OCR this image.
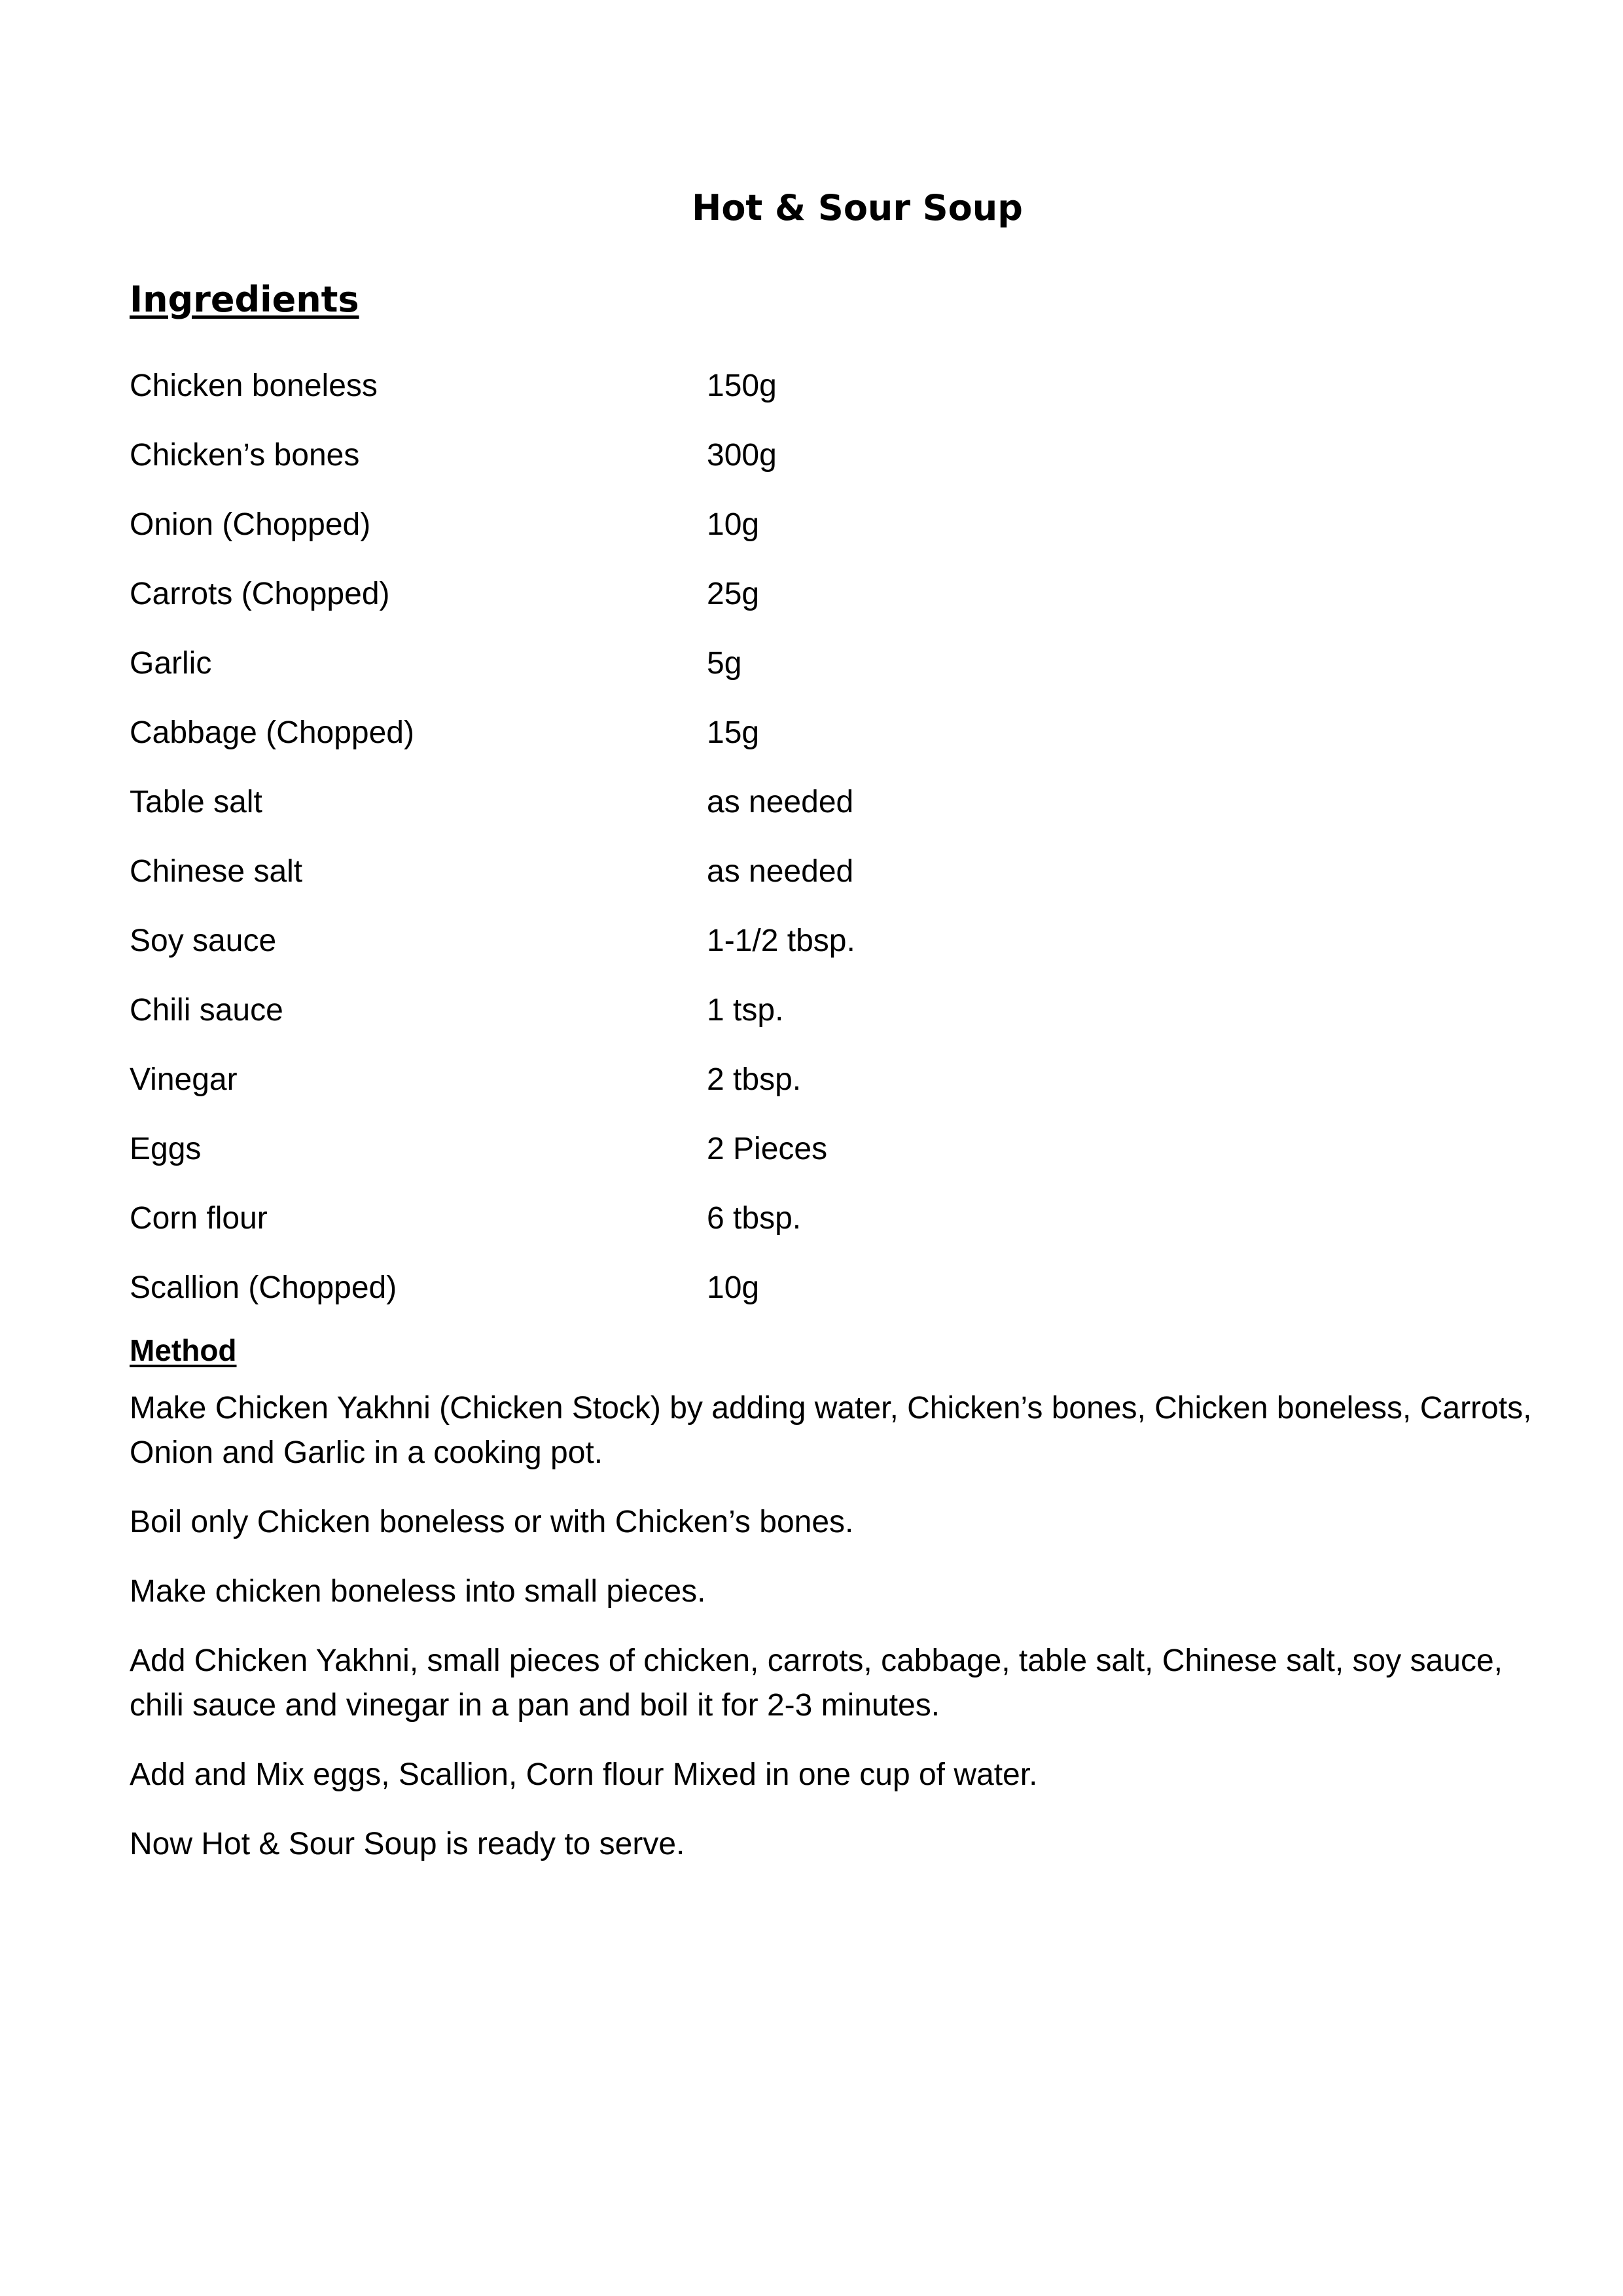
Hot & Sour Soup
Ingredients
Chicken boneless	150g
Chicken’s bones	300g
Onion (Chopped)	10g
Carrots (Chopped)	25g
Garlic	5g
Cabbage (Chopped)	15g
Table salt	as needed
Chinese salt	as needed
Soy sauce	1-1/2 tbsp.
Chili sauce	1 tsp.
Vinegar	2 tbsp.
Eggs	2 Pieces
Corn flour	6 tbsp.
Scallion (Chopped)	10g
Method

Make Chicken Yakhni (Chicken Stock) by adding water, Chicken’s bones, Chicken boneless, Carrots, Onion and Garlic in a cooking pot.

Boil only Chicken boneless or with Chicken’s bones.

Make chicken boneless into small pieces.

Add Chicken Yakhni, small pieces of chicken, carrots, cabbage, table salt, Chinese salt, soy sauce, chili sauce and vinegar in a pan and boil it for 2-3 minutes.

Add and Mix eggs, Scallion, Corn flour Mixed in one cup of water.

Now Hot & Sour Soup is ready to serve.
